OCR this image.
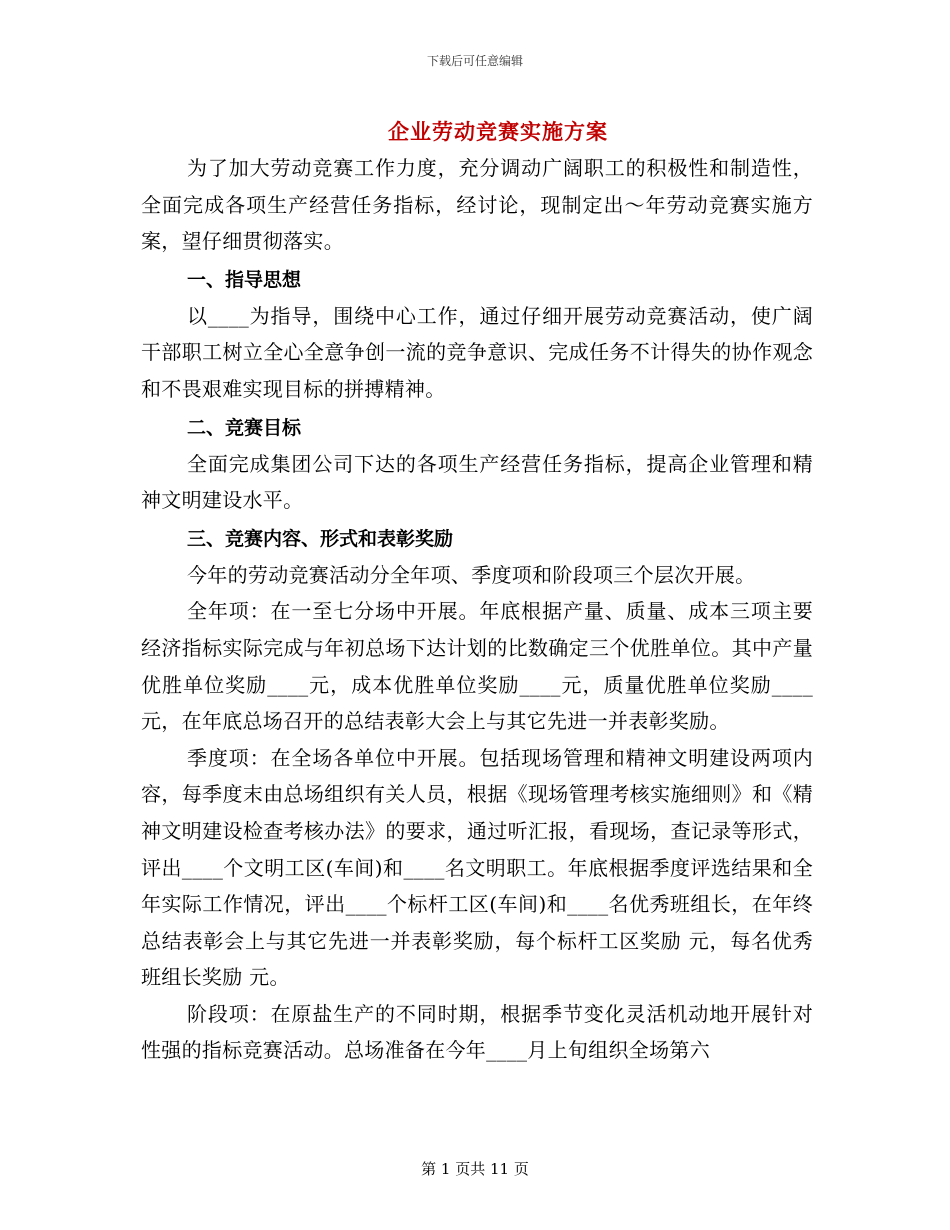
下载后可任意编辑
企业劳动竞赛实施方案

为了加大劳动竞赛工作力度，充分调动广阔职工的积极性和制造性，全面完成各项生产经营任务指标，经讨论，现制定出～年劳动竞赛实施方案，望仔细贯彻落实。

一、指导思想

以____为指导，围绕中心工作，通过仔细开展劳动竞赛活动，使广阔干部职工树立全心全意争创一流的竞争意识、完成任务不计得失的协作观念和不畏艰难实现目标的拼搏精神。

二、竞赛目标

全面完成集团公司下达的各项生产经营任务指标，提高企业管理和精神文明建设水平。

三、竞赛内容、形式和表彰奖励

今年的劳动竞赛活动分全年项、季度项和阶段项三个层次开展。

全年项：在一至七分场中开展。年底根据产量、质量、成本三项主要经济指标实际完成与年初总场下达计划的比数确定三个优胜单位。其中产量优胜单位奖励____元，成本优胜单位奖励____元，质量优胜单位奖励____元，在年底总场召开的总结表彰大会上与其它先进一并表彰奖励。

季度项：在全场各单位中开展。包括现场管理和精神文明建设两项内容，每季度末由总场组织有关人员，根据《现场管理考核实施细则》和《精神文明建设检查考核办法》的要求，通过听汇报，看现场，查记录等形式，评出____个文明工区(车间)和____名文明职工。年底根据季度评选结果和全年实际工作情况，评出____个标杆工区(车间)和____名优秀班组长，在年终总结表彰会上与其它先进一并表彰奖励，每个标杆工区奖励 元，每名优秀班组长奖励 元。

阶段项：在原盐生产的不同时期，根据季节变化灵活机动地开展针对性强的指标竞赛活动。总场准备在今年____月上旬组织全场第六

第 1 页共 11 页
